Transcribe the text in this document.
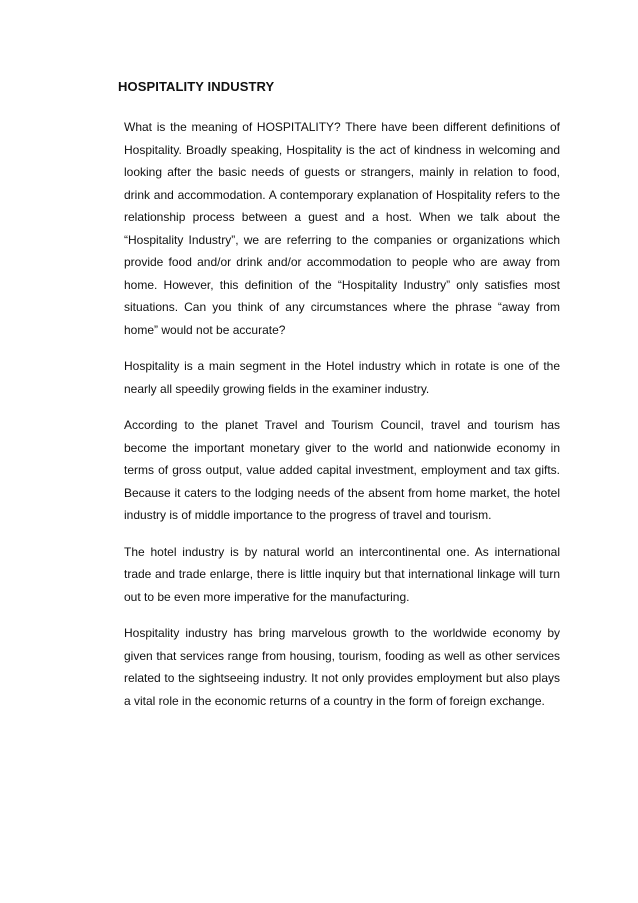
HOSPITALITY INDUSTRY

What is the meaning of HOSPITALITY? There have been different definitions of Hospitality. Broadly speaking, Hospitality is the act of kindness in welcoming and looking after the basic needs of guests or strangers, mainly in relation to food, drink and accommodation. A contemporary explanation of Hospitality refers to the relationship process between a guest and a host. When we talk about the “Hospitality Industry”, we are referring to the companies or organizations which provide food and/or drink and/or accommodation to people who are away from home. However, this definition of the “Hospitality Industry” only satisfies most situations. Can you think of any circumstances where the phrase “away from home” would not be accurate?

Hospitality is a main segment in the Hotel industry which in rotate is one of the nearly all speedily growing fields in the examiner industry.

According to the planet Travel and Tourism Council, travel and tourism has become the important monetary giver to the world and nationwide economy in terms of gross output, value added capital investment, employment and tax gifts. Because it caters to the lodging needs of the absent from home market, the hotel industry is of middle importance to the progress of travel and tourism.

The hotel industry is by natural world an intercontinental one. As international trade and trade enlarge, there is little inquiry but that international linkage will turn out to be even more imperative for the manufacturing.

Hospitality industry has bring marvelous growth to the worldwide economy by given that services range from housing, tourism, fooding as well as other services related to the sightseeing industry. It not only provides employment but also plays a vital role in the economic returns of a country in the form of foreign exchange.
